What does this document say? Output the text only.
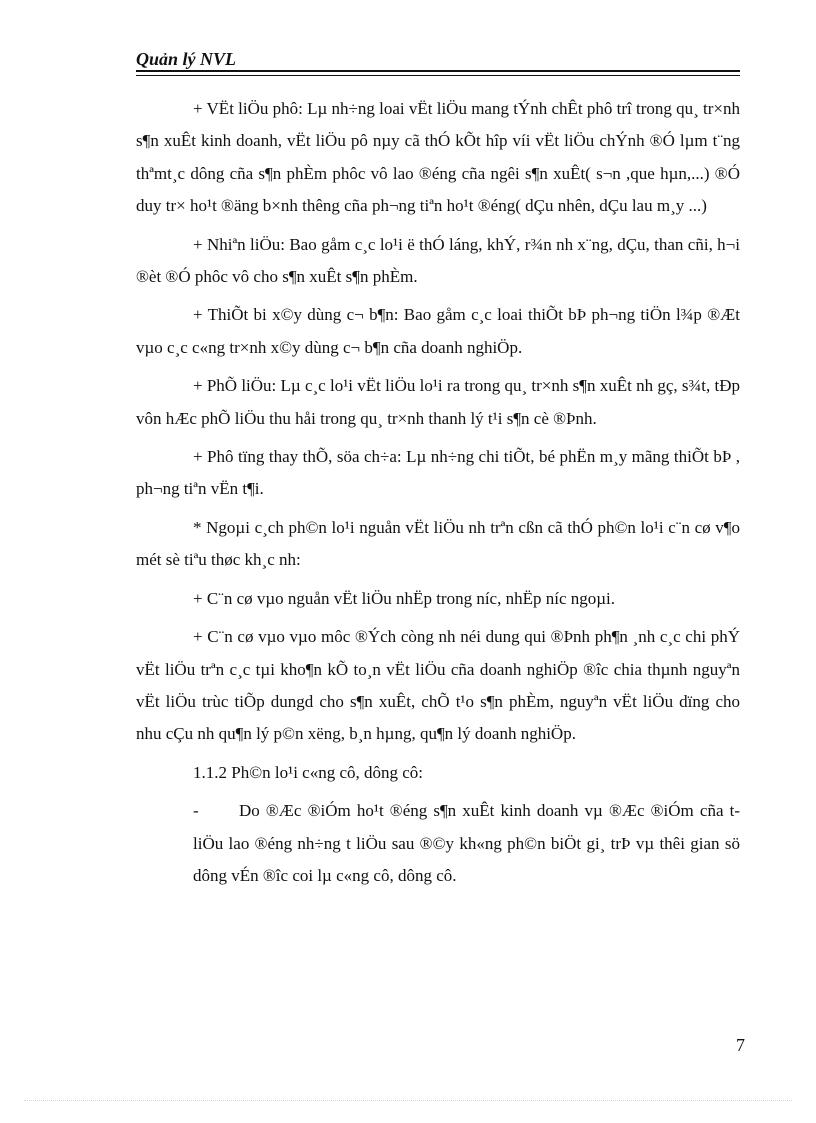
Quản lý NVL

+ VËt liÖu phô: Lµ nh÷ng loai vËt liÖu mang tÝnh chÊt phô trî trong qu¸ tr×nh s¶n xuÊt kinh doanh, vËt liÖu pô nµy cã thÓ kÕt hîp víi vËt liÖu chÝnh ®Ó lµm t¨ng thªmt¸c dông cña s¶n phÈm phôc vô lao ®éng cña ngêi s¶n xuÊt( s¬n ,que hµn,...) ®Ó duy tr× ho¹t ®äng b×nh thêng cña ph¬ng tiªn ho¹t ®éng( dÇu nhên, dÇu lau m¸y ...)

+ Nhiªn liÖu: Bao gåm c¸c lo¹i ë thÓ láng, khÝ, r¾n nh x¨ng, dÇu, than cñi, h¬i ®èt ®Ó phôc vô cho s¶n xuÊt s¶n phÈm.

+ ThiÕt bi x©y dùng c¬ b¶n: Bao gåm c¸c loai thiÕt bÞ ph¬ng tiÖn l¾p ®Æt vµo c¸c c«ng tr×nh x©y dùng c¬ b¶n cña doanh nghiÖp.

+ PhÕ liÖu: Lµ c¸c lo¹i vËt liÖu lo¹i ra trong qu¸ tr×nh s¶n xuÊt nh gç, s¾t, tÐp vôn hÆc phÕ liÖu thu håi trong qu¸ tr×nh thanh lý t¹i s¶n cè ®Þnh.

+ Phô tïng thay thÕ, söa ch÷a: Lµ nh÷ng chi tiÕt, bé phËn m¸y mãng thiÕt bÞ , ph¬ng tiªn vËn t¶i.

* Ngoµi c¸ch ph©n lo¹i nguån vËt liÖu nh trªn cßn cã thÓ ph©n lo¹i c¨n cø v¶o mét sè tiªu thøc kh¸c nh:

+ C¨n cø vµo nguån vËt liÖu nhËp trong níc, nhËp níc ngoµi.

+ C¨n cø vµo vµo môc ®Ých còng nh néi dung qui ®Þnh ph¶n ¸nh c¸c chi phÝ vËt liÖu trªn c¸c tµi kho¶n kÕ to¸n vËt liÖu cña doanh nghiÖp ®îc chia thµnh nguyªn vËt liÖu trùc tiÕp dungd cho s¶n xuÊt, chÕ t¹o s¶n phÈm, nguyªn vËt liÖu dïng cho nhu cÇu nh qu¶n lý p©n xëng, b¸n hµng, qu¶n lý doanh nghiÖp.

1.1.2 Ph©n lo¹i c«ng cô, dông cô:

- Do ®Æc ®iÓm ho¹t ®éng s¶n xuÊt kinh doanh vµ ®Æc ®iÓm cña t liÖu lao ®éng nh÷ng t liÖu sau ®©y kh«ng ph©n biÖt gi¸ trÞ vµ thêi gian sö dông vÉn ®îc coi lµ c«ng cô, dông cô.

7
